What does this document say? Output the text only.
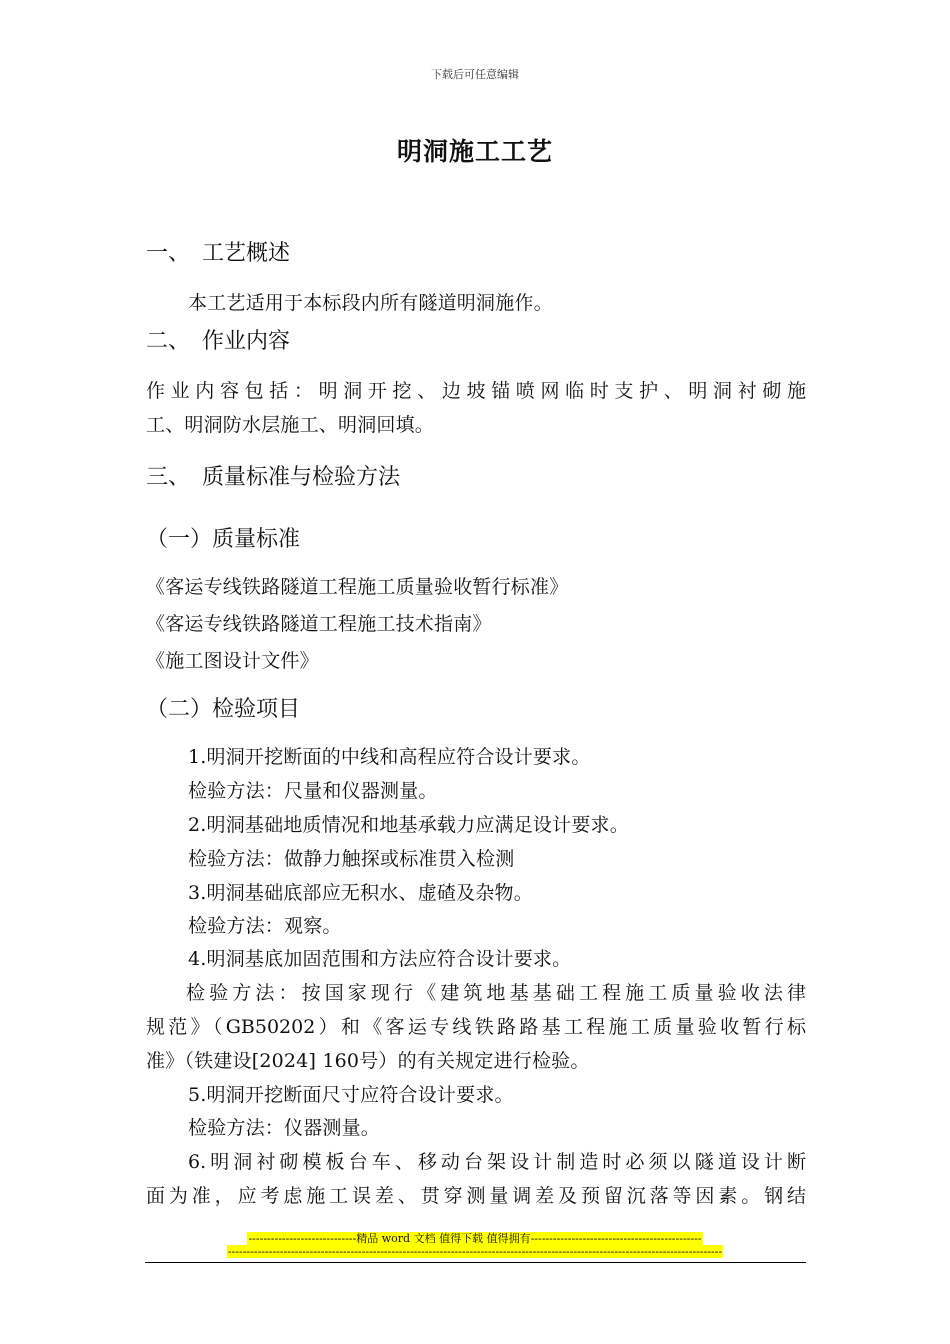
下载后可任意编辑
明洞施工工艺
一、 工艺概述
本工艺适用于本标段内所有隧道明洞施作。
二、 作业内容
作业内容包括：明洞开挖、边坡锚喷网临时支护、明洞衬砌施
工、明洞防水层施工、明洞回填。
三、 质量标准与检验方法
（一）质量标准
《客运专线铁路隧道工程施工质量验收暂行标准》
《客运专线铁路隧道工程施工技术指南》
《施工图设计文件》
（二）检验项目
1.明洞开挖断面的中线和高程应符合设计要求。
检验方法：尺量和仪器测量。
2.明洞基础地质情况和地基承载力应满足设计要求。
检验方法：做静力触探或标准贯入检测
3.明洞基础底部应无积水、虚碴及杂物。
检验方法：观察。
4.明洞基底加固范围和方法应符合设计要求。
检验方法：按国家现行《建筑地基基础工程施工质量验收法律
规范》（GB50202）和《客运专线铁路路基工程施工质量验收暂行标
准》（铁建设[2024] 160号）的有关规定进行检验。
5.明洞开挖断面尺寸应符合设计要求。
检验方法：仪器测量。
6.明洞衬砌模板台车、移动台架设计制造时必须以隧道设计断
面为准，应考虑施工误差、贯穿测量调差及预留沉落等因素。钢结
-----------------------------精品 word 文档 值得下载 值得拥有----------------------------------------------
-------------------------------------------------------------------------------------------------------------------------------------
